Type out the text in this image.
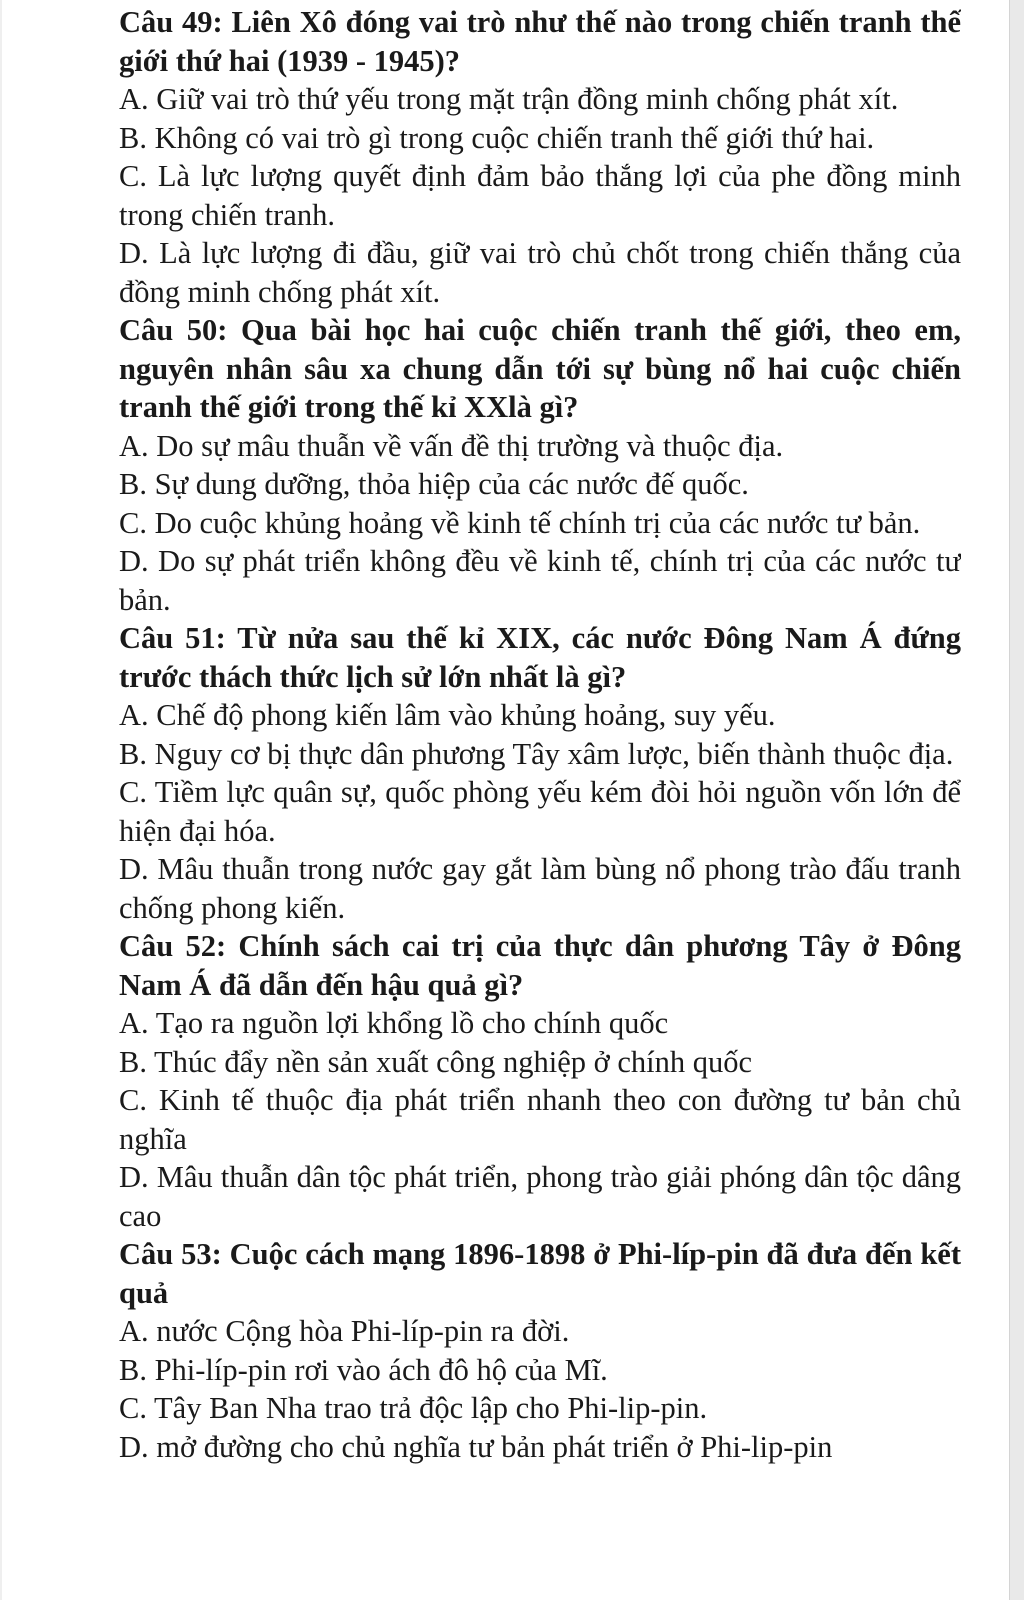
Câu 49: Liên Xô đóng vai trò như thế nào trong chiến tranh thế giới thứ hai (1939 - 1945)?

A. Giữ vai trò thứ yếu trong mặt trận đồng minh chống phát xít.

B. Không có vai trò gì trong cuộc chiến tranh thế giới thứ hai.

C. Là lực lượng quyết định đảm bảo thắng lợi của phe đồng minh trong chiến tranh.

D. Là lực lượng đi đầu, giữ vai trò chủ chốt trong chiến thắng của đồng minh chống phát xít.

Câu 50: Qua bài học hai cuộc chiến tranh thế giới, theo em, nguyên nhân sâu xa chung dẫn tới sự bùng nổ hai cuộc chiến tranh thế giới trong thế kỉ XXlà gì?

A. Do sự mâu thuẫn về vấn đề thị trường và thuộc địa.

B. Sự dung dưỡng, thỏa hiệp của các nước đế quốc.

C. Do cuộc khủng hoảng về kinh tế chính trị của các nước tư bản.

D. Do sự phát triển không đều về kinh tế, chính trị của các nước tư bản.

Câu 51: Từ nửa sau thế kỉ XIX, các nước Đông Nam Á đứng trước thách thức lịch sử lớn nhất là gì?

A. Chế độ phong kiến lâm vào khủng hoảng, suy yếu.

B. Nguy cơ bị thực dân phương Tây xâm lược, biến thành thuộc địa.

C. Tiềm lực quân sự, quốc phòng yếu kém đòi hỏi nguồn vốn lớn để hiện đại hóa.

D. Mâu thuẫn trong nước gay gắt làm bùng nổ phong trào đấu tranh chống phong kiến.

Câu 52: Chính sách cai trị của thực dân phương Tây ở Đông Nam Á đã dẫn đến hậu quả gì?

A. Tạo ra nguồn lợi khổng lồ cho chính quốc

B. Thúc đẩy nền sản xuất công nghiệp ở chính quốc

C. Kinh tế thuộc địa phát triển nhanh theo con đường tư bản chủ nghĩa

D. Mâu thuẫn dân tộc phát triển, phong trào giải phóng dân tộc dâng cao

Câu 53: Cuộc cách mạng 1896-1898 ở Phi-líp-pin đã đưa đến kết quả

A. nước Cộng hòa Phi-líp-pin ra đời.

B. Phi-líp-pin rơi vào ách đô hộ của Mĩ.

C. Tây Ban Nha trao trả độc lập cho Phi-lip-pin.

D. mở đường cho chủ nghĩa tư bản phát triển ở Phi-lip-pin
